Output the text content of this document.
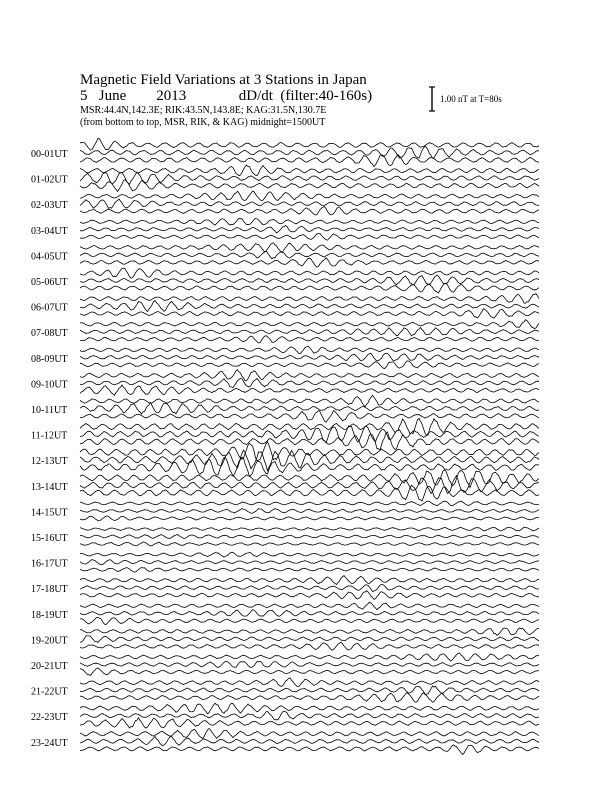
Magnetic Field Variations at 3 Stations in Japan
5 June 2013	dD/dt (filter:40-160s)
MSR:44.4N,142.3E; RIK:43.5N,143.8E; KAG:31.5N,130.7E
(from bottom to top, MSR, RIK, & KAG) midnight=1500UT
1.00 nT at T=80s
00-01UT
01-02UT
02-03UT
03-04UT
04-05UT
05-06UT
06-07UT
07-08UT
08-09UT
09-10UT
10-11UT
11-12UT
12-13UT
13-14UT
14-15UT
15-16UT
16-17UT
17-18UT
18-19UT
19-20UT
20-21UT
21-22UT
22-23UT
23-24UT
